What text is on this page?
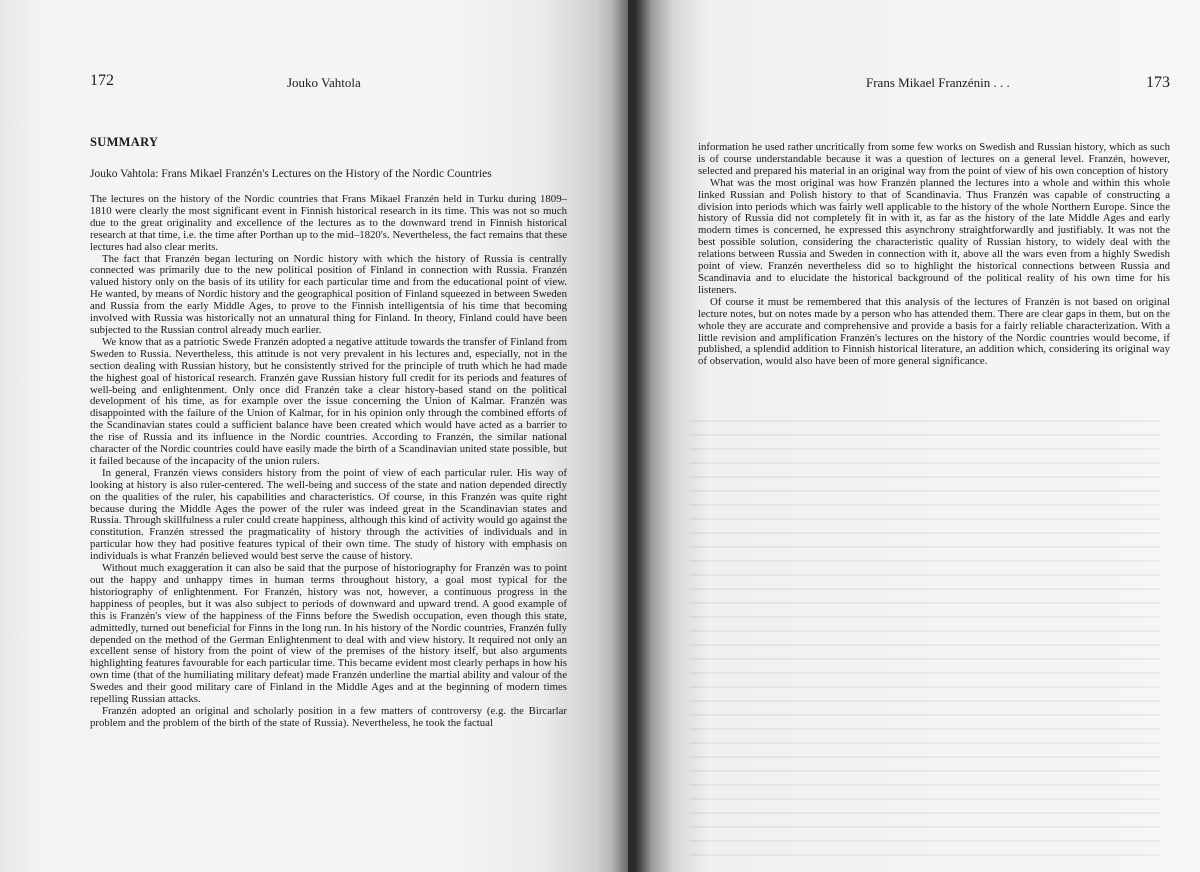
172	Jouko Vahtola
SUMMARY
Jouko Vahtola: Frans Mikael Franzén's Lectures on the History of the Nordic Countries

The lectures on the history of the Nordic countries that Frans Mikael Franzén held in Turku during 1809–1810 were clearly the most significant event in Finnish historical research in its time. This was not so much due to the great originality and excellence of the lectures as to the downward trend in Finnish historical research at that time, i.e. the time after Porthan up to the mid–1820's. Nevertheless, the fact remains that these lectures had also clear merits.

The fact that Franzén began lecturing on Nordic history with which the history of Russia is centrally connected was primarily due to the new political position of Finland in connection with Russia. Franzén valued history only on the basis of its utility for each particular time and from the educational point of view. He wanted, by means of Nordic history and the geographical position of Finland squeezed in between Sweden and Russia from the early Middle Ages, to prove to the Finnish intelligentsia of his time that becoming involved with Russia was historically not an unnatural thing for Finland. In theory, Finland could have been subjected to the Russian control already much earlier.

We know that as a patriotic Swede Franzén adopted a negative attitude towards the transfer of Finland from Sweden to Russia. Nevertheless, this attitude is not very prevalent in his lectures and, especially, not in the section dealing with Russian history, but he consistently strived for the principle of truth which he had made the highest goal of historical research. Franzén gave Russian history full credit for its periods and features of well-being and enlightenment. Only once did Franzén take a clear history-based stand on the political development of his time, as for example over the issue concerning the Union of Kalmar. Franzén was disappointed with the failure of the Union of Kalmar, for in his opinion only through the combined efforts of the Scandinavian states could a sufficient balance have been created which would have acted as a barrier to the rise of Russia and its influence in the Nordic countries. According to Franzén, the similar national character of the Nordic countries could have easily made the birth of a Scandinavian united state possible, but it failed because of the incapacity of the union rulers.

In general, Franzén views considers history from the point of view of each particular ruler. His way of looking at history is also ruler-centered. The well-being and success of the state and nation depended directly on the qualities of the ruler, his capabilities and characteristics. Of course, in this Franzén was quite right because during the Middle Ages the power of the ruler was indeed great in the Scandinavian states and Russia. Through skillfulness a ruler could create happiness, although this kind of activity would go against the constitution. Franzén stressed the pragmaticality of history through the activities of individuals and in particular how they had positive features typical of their own time. The study of history with emphasis on individuals is what Franzén believed would best serve the cause of history.

Without much exaggeration it can also be said that the purpose of historiography for Franzén was to point out the happy and unhappy times in human terms throughout history, a goal most typical for the historiography of enlightenment. For Franzén, history was not, however, a continuous progress in the happiness of peoples, but it was also subject to periods of downward and upward trend. A good example of this is Franzén's view of the happiness of the Finns before the Swedish occupation, even though this state, admittedly, turned out beneficial for Finns in the long run. In his history of the Nordic countries, Franzén fully depended on the method of the German Enlightenment to deal with and view history. It required not only an excellent sense of history from the point of view of the premises of the history itself, but also arguments highlighting features favourable for each particular time. This became evident most clearly perhaps in how his own time (that of the humiliating military defeat) made Franzén underline the martial ability and valour of the Swedes and their good military care of Finland in the Middle Ages and at the beginning of modern times repelling Russian attacks.

Franzén adopted an original and scholarly position in a few matters of controversy (e.g. the Bircarlar problem and the problem of the birth of the state of Russia). Nevertheless, he took the factual

Frans Mikael Franzénin . . .	173

information he used rather uncritically from some few works on Swedish and Russian history, which as such is of course understandable because it was a question of lectures on a general level. Franzén, however, selected and prepared his material in an original way from the point of view of his own conception of history

What was the most original was how Franzén planned the lectures into a whole and within this whole linked Russian and Polish history to that of Scandinavia. Thus Franzén was capable of constructing a division into periods which was fairly well applicable to the history of the whole Northern Europe. Since the history of Russia did not completely fit in with it, as far as the history of the late Middle Ages and early modern times is concerned, he expressed this asynchrony straightforwardly and justifiably. It was not the best possible solution, considering the characteristic quality of Russian history, to widely deal with the relations between Russia and Sweden in connection with it, above all the wars even from a highly Swedish point of view. Franzén nevertheless did so to highlight the historical connections between Russia and Scandinavia and to elucidate the historical background of the political reality of his own time for his listeners.

Of course it must be remembered that this analysis of the lectures of Franzén is not based on original lecture notes, but on notes made by a person who has attended them. There are clear gaps in them, but on the whole they are accurate and comprehensive and provide a basis for a fairly reliable characterization. With a little revision and amplification Franzén's lectures on the history of the Nordic countries would become, if published, a splendid addition to Finnish historical literature, an addition which, considering its original way of observation, would also have been of more general significance.
